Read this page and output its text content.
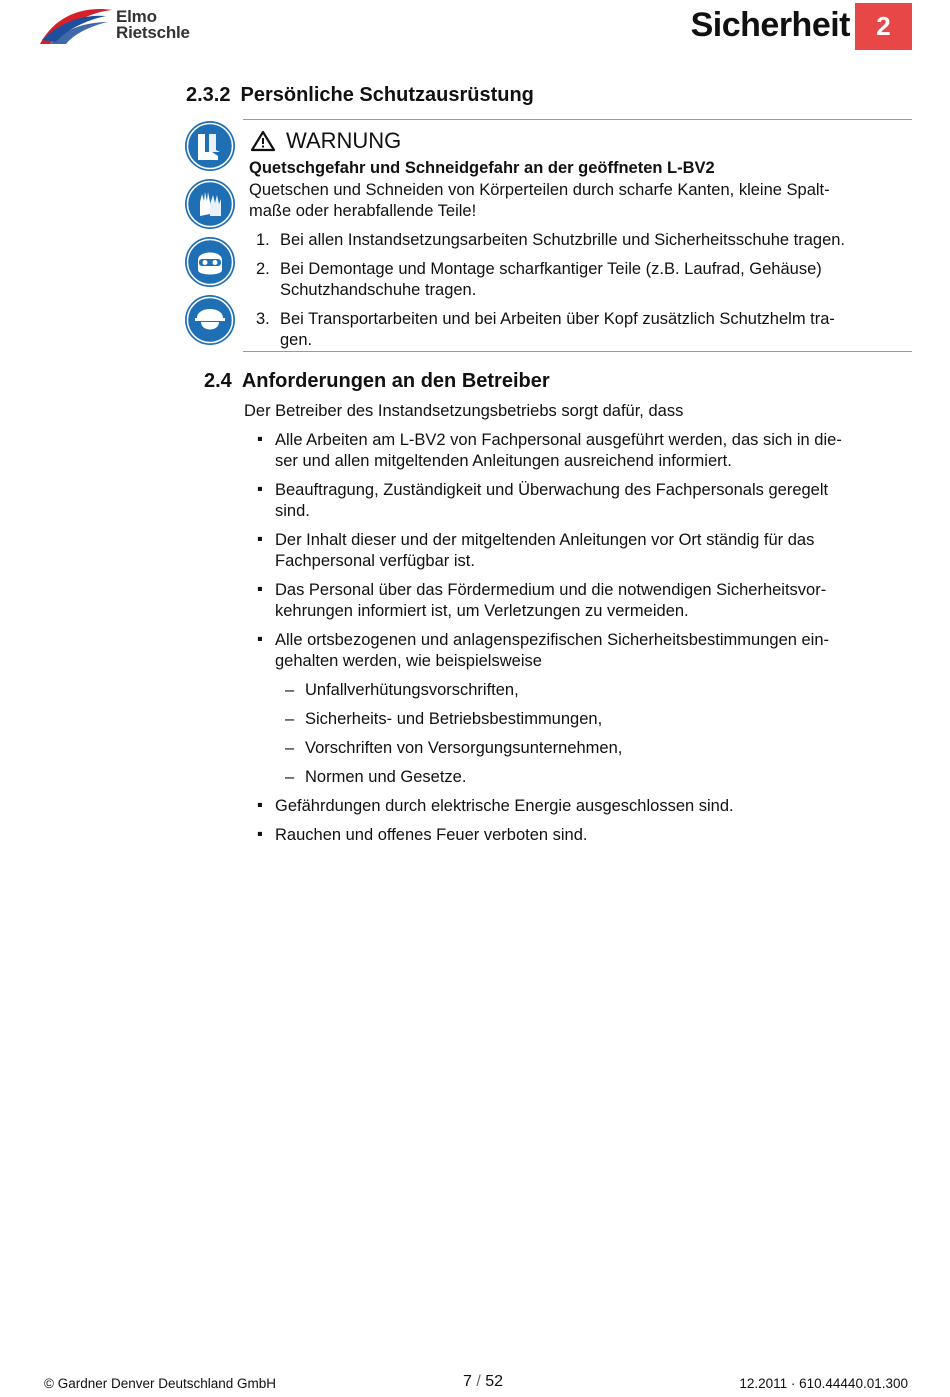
Elmo
Rietschle	Sicherheit	2
2.3.2 Persönliche Schutzausrüstung

WARNUNG
Quetschgefahr und Schneidgefahr an der geöffneten L-BV2
Quetschen und Schneiden von Körperteilen durch scharfe Kanten, kleine Spalt-
maße oder herabfallende Teile!
1. Bei allen Instandsetzungsarbeiten Schutzbrille und Sicherheitsschuhe tragen.
2. Bei Demontage und Montage scharfkantiger Teile (z.B. Laufrad, Gehäuse)
Schutzhandschuhe tragen.
3. Bei Transportarbeiten und bei Arbeiten über Kopf zusätzlich Schutzhelm tra-
gen.
2.4 Anforderungen an den Betreiber
Der Betreiber des Instandsetzungsbetriebs sorgt dafür, dass
▪ Alle Arbeiten am L-BV2 von Fachpersonal ausgeführt werden, das sich in die-
ser und allen mitgeltenden Anleitungen ausreichend informiert.
▪ Beauftragung, Zuständigkeit und Überwachung des Fachpersonals geregelt
sind.
▪ Der Inhalt dieser und der mitgeltenden Anleitungen vor Ort ständig für das
Fachpersonal verfügbar ist.
▪ Das Personal über das Fördermedium und die notwendigen Sicherheitsvor-
kehrungen informiert ist, um Verletzungen zu vermeiden.
▪ Alle ortsbezogenen und anlagenspezifischen Sicherheitsbestimmungen ein-
gehalten werden, wie beispielsweise
– Unfallverhütungsvorschriften,
– Sicherheits- und Betriebsbestimmungen,
– Vorschriften von Versorgungsunternehmen,
– Normen und Gesetze.
▪ Gefährdungen durch elektrische Energie ausgeschlossen sind.
▪ Rauchen und offenes Feuer verboten sind.
© Gardner Denver Deutschland GmbH	7 / 52	12.2011 · 610.44440.01.300
